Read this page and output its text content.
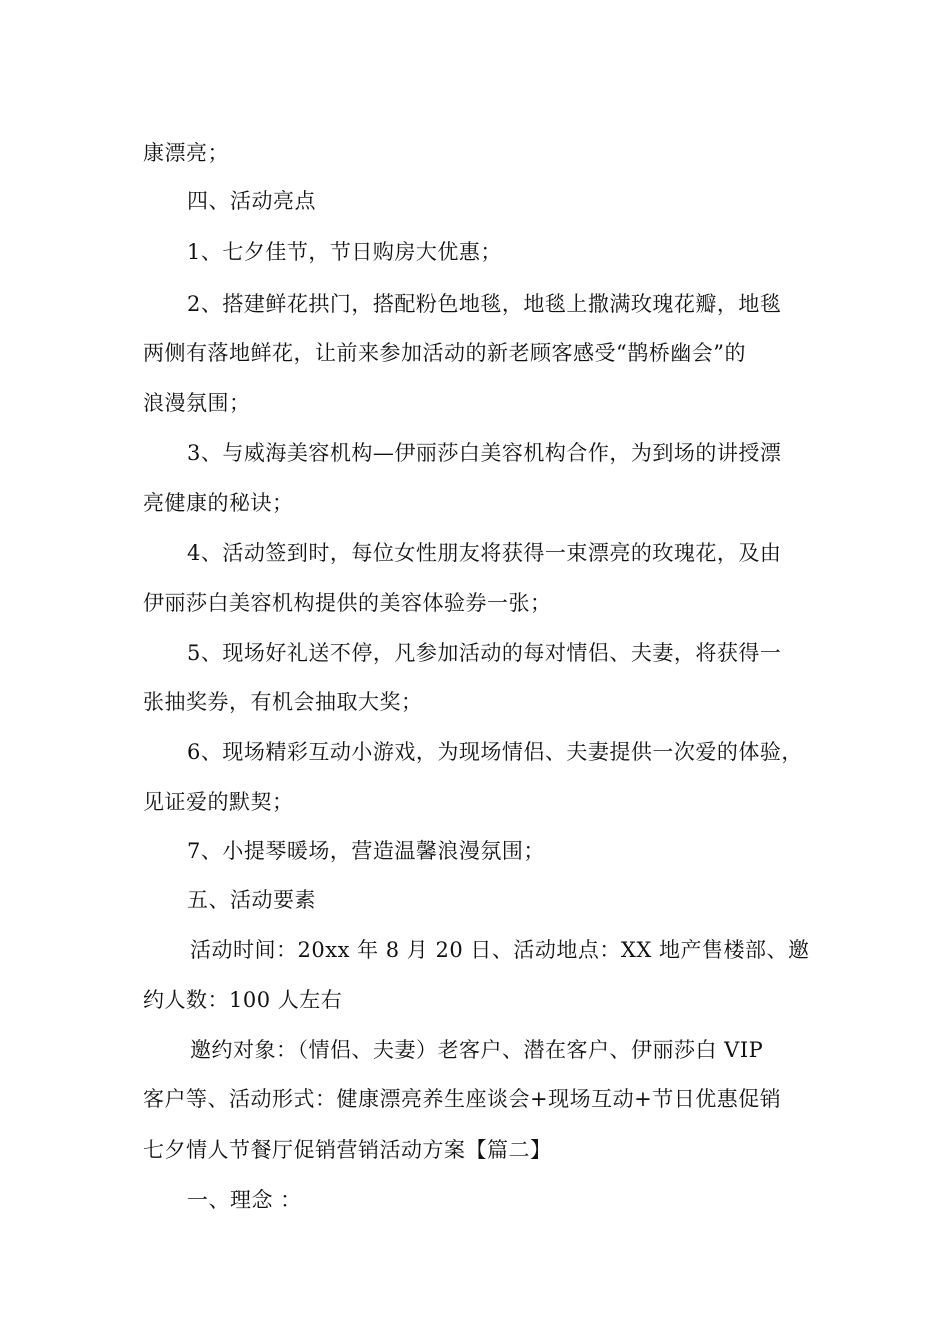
康漂亮；
四、活动亮点
1、七夕佳节，节日购房大优惠；
2、搭建鲜花拱门，搭配粉色地毯，地毯上撒满玫瑰花瓣，地毯
两侧有落地鲜花，让前来参加活动的新老顾客感受“鹊桥幽会”的
浪漫氛围；
3、与威海美容机构—伊丽莎白美容机构合作，为到场的讲授漂
亮健康的秘诀；
4、活动签到时，每位女性朋友将获得一束漂亮的玫瑰花，及由
伊丽莎白美容机构提供的美容体验券一张；
5、现场好礼送不停，凡参加活动的每对情侣、夫妻，将获得一
张抽奖券，有机会抽取大奖；
6、现场精彩互动小游戏，为现场情侣、夫妻提供一次爱的体验，
见证爱的默契；
7、小提琴暖场，营造温馨浪漫氛围；
五、活动要素
活动时间：20xx 年 8 月 20 日、活动地点：XX 地产售楼部、邀
约人数：100 人左右
邀约对象：（情侣、夫妻）老客户、潜在客户、伊丽莎白 VIP
客户等、活动形式：健康漂亮养生座谈会+现场互动+节日优惠促销
七夕情人节餐厅促销营销活动方案【篇二】
一、理念 ：
